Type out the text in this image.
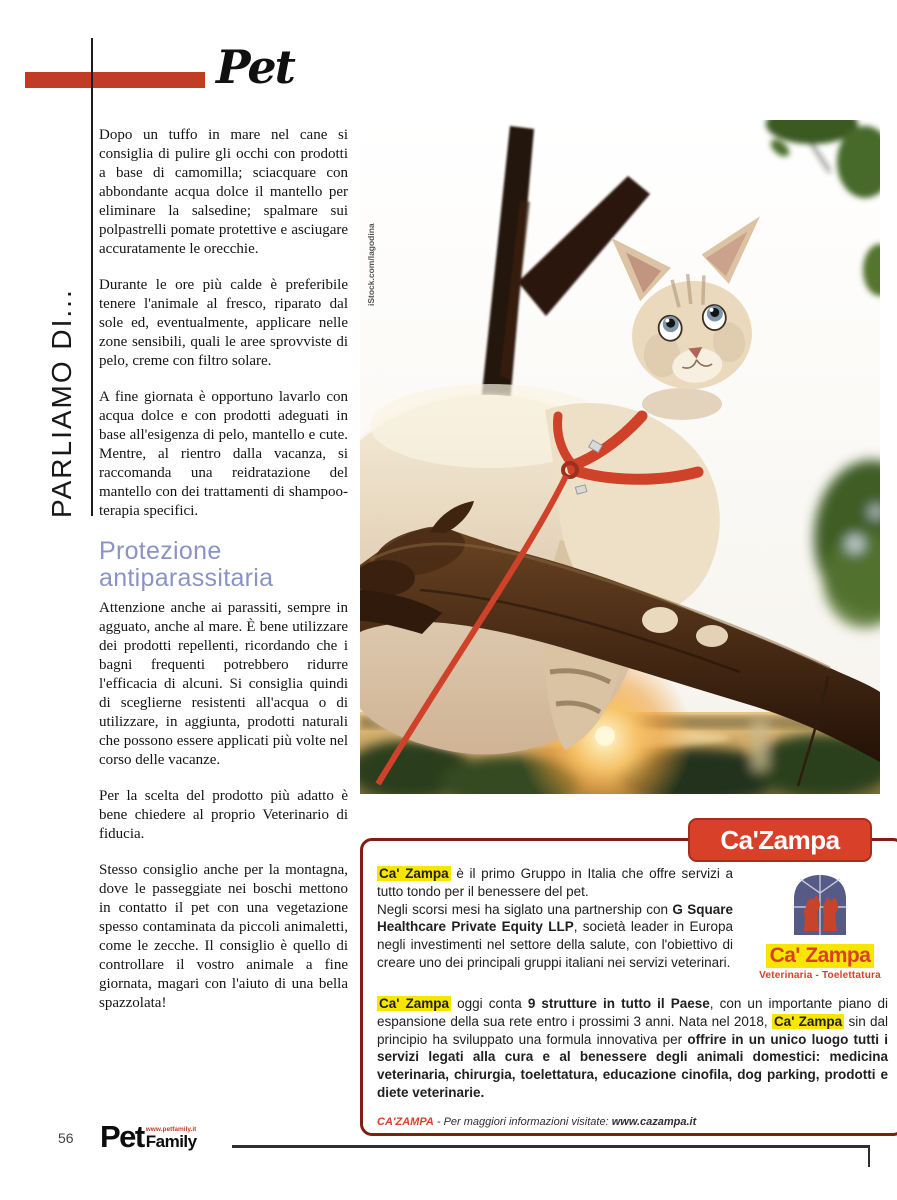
Pet
PARLIAMO DI...

Dopo un tuffo in mare nel cane si consiglia di pulire gli occhi con prodotti a base di camomilla; sciacquare con abbondante acqua dolce il mantello per eliminare la salsedine; spalmare sui polpastrelli pomate protettive e asciugare accuratamente le orecchie.

Durante le ore più calde è preferibile tenere l'animale al fresco, riparato dal sole ed, eventualmente, applicare nelle zone sensibili, quali le aree sprovviste di pelo, creme con filtro solare.

A fine giornata è opportuno lavarlo con acqua dolce e con prodotti adeguati in base all'esigenza di pelo, mantello e cute. Mentre, al rientro dalla vacanza, si raccomanda una reidratazione del mantello con dei trattamenti di shampoo-terapia specifici.

Protezione antiparassitaria

Attenzione anche ai parassiti, sempre in agguato, anche al mare. È bene utilizzare dei prodotti repellenti, ricordando che i bagni frequenti potrebbero ridurre l'efficacia di alcuni. Si consiglia quindi di sceglierne resistenti all'acqua o di utilizzare, in aggiunta, prodotti naturali che possono essere applicati più volte nel corso delle vacanze.

Per la scelta del prodotto più adatto è bene chiedere al proprio Veterinario di fiducia.

Stesso consiglio anche per la montagna, dove le passeggiate nei boschi mettono in contatto il pet con una vegetazione spesso contaminata da piccoli animaletti, come le zecche. Il consiglio è quello di controllare il vostro animale a fine giornata, magari con l'aiuto di una bella spazzolata!

iStock.com/lagodina
Ca'Zampa
Ca' Zampa è il primo Gruppo in Italia che offre servizi a tutto tondo per il benessere del pet.
Negli scorsi mesi ha siglato una partnership con G Square Healthcare Private Equity LLP, società leader in Europa negli investimenti nel settore della salute, con l'obiettivo di creare uno dei principali gruppi italiani nei servizi veterinari.	Ca' Zampa
Veterinaria - Toelettatura
Ca' Zampa oggi conta 9 strutture in tutto il Paese, con un importante piano di espansione della sua rete entro i prossimi 3 anni. Nata nel 2018, Ca' Zampa sin dal principio ha sviluppato una formula innovativa per offrire in un unico luogo tutti i servizi legati alla cura e al benessere degli animali domestici: medicina veterinaria, chirurgia, toelettatura, educazione cinofila, dog parking, prodotti e diete veterinarie.
CA'ZAMPA - Per maggiori informazioni visitate: www.cazampa.it
56 Pet www.petfamily.it
Family
